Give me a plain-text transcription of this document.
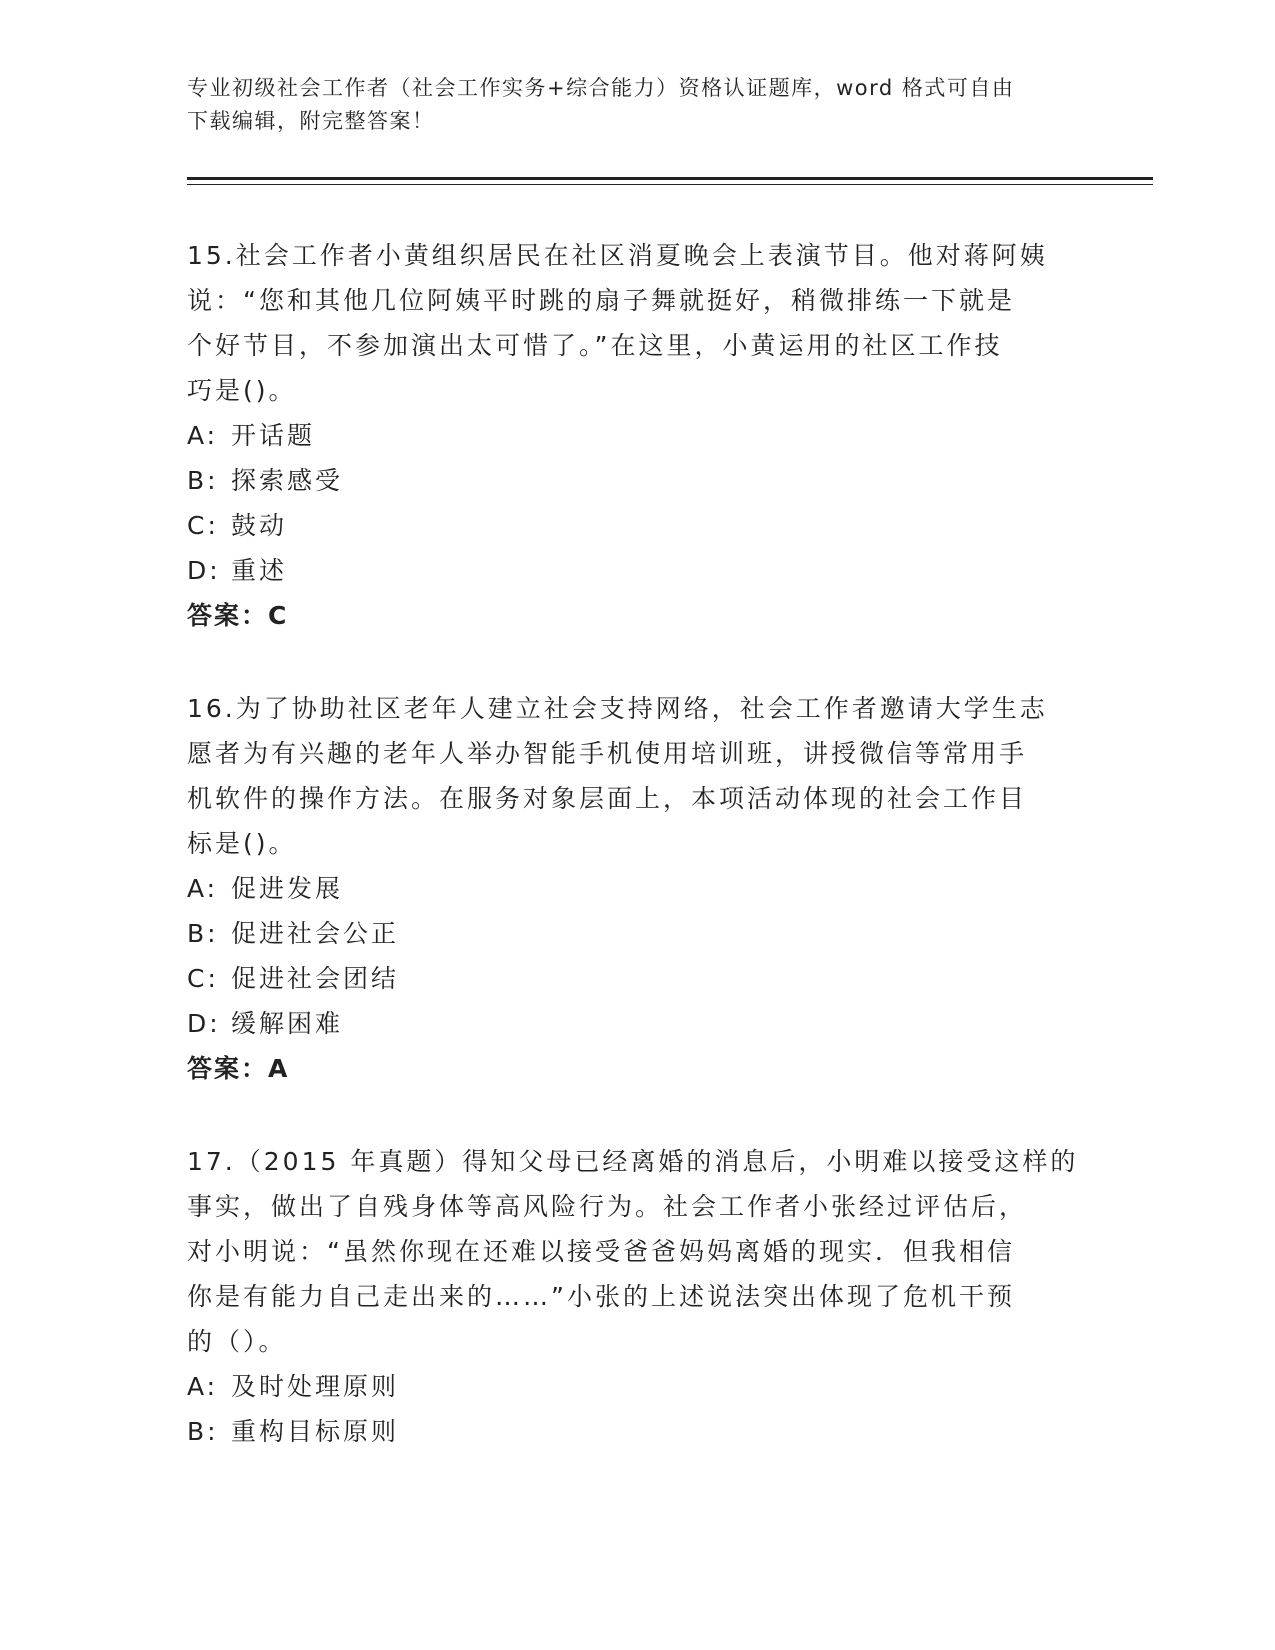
专业初级社会工作者（社会工作实务+综合能力）资格认证题库，word 格式可自由
下载编辑，附完整答案！
15.社会工作者小黄组织居民在社区消夏晚会上表演节目。他对蒋阿姨
说：“您和其他几位阿姨平时跳的扇子舞就挺好，稍微排练一下就是
个好节目，不参加演出太可惜了。”在这里，小黄运用的社区工作技
巧是()。
A: 开话题
B: 探索感受
C: 鼓动
D: 重述
答案：C
16.为了协助社区老年人建立社会支持网络，社会工作者邀请大学生志
愿者为有兴趣的老年人举办智能手机使用培训班，讲授微信等常用手
机软件的操作方法。在服务对象层面上，本项活动体现的社会工作目
标是()。
A: 促进发展
B: 促进社会公正
C: 促进社会团结
D: 缓解困难
答案：A
17.（2015 年真题）得知父母已经离婚的消息后，小明难以接受这样的
事实，做出了自残身体等高风险行为。社会工作者小张经过评估后，
对小明说：“虽然你现在还难以接受爸爸妈妈离婚的现实．但我相信
你是有能力自己走出来的……”小张的上述说法突出体现了危机干预
的（）。
A: 及时处理原则
B: 重构目标原则
